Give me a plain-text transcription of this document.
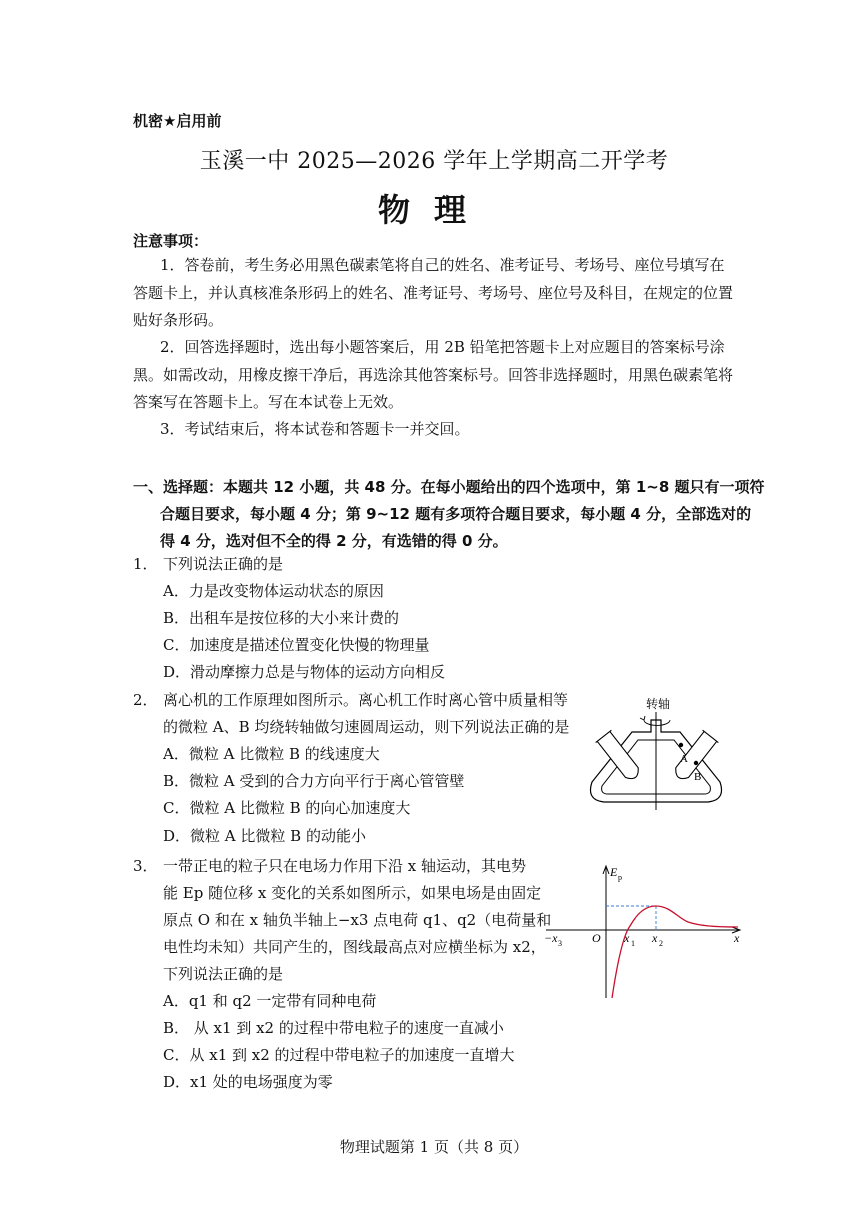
机密★启用前
玉溪一中 2025—2026 学年上学期高二开学考
物理
注意事项：
1．答卷前，考生务必用黑色碳素笔将自己的姓名、准考证号、考场号、座位号填写在
答题卡上，并认真核准条形码上的姓名、准考证号、考场号、座位号及科目，在规定的位置
贴好条形码。
2．回答选择题时，选出每小题答案后，用 2B 铅笔把答题卡上对应题目的答案标号涂
黑。如需改动，用橡皮擦干净后，再选涂其他答案标号。回答非选择题时，用黑色碳素笔将
答案写在答题卡上。写在本试卷上无效。
3．考试结束后，将本试卷和答题卡一并交回。
一、选择题：本题共 12 小题，共 48 分。在每小题给出的四个选项中，第 1~8 题只有一项符
合题目要求，每小题 4 分；第 9~12 题有多项符合题目要求，每小题 4 分，全部选对的
得 4 分，选对但不全的得 2 分，有选错的得 0 分。
1． 下列说法正确的是
A．力是改变物体运动状态的原因
B．出租车是按位移的大小来计费的
C．加速度是描述位置变化快慢的物理量
D．滑动摩擦力总是与物体的运动方向相反
2． 离心机的工作原理如图所示。离心机工作时离心管中质量相等
的微粒 A、B 均绕转轴做匀速圆周运动，则下列说法正确的是
A．微粒 A 比微粒 B 的线速度大
B．微粒 A 受到的合力方向平行于离心管管壁
C．微粒 A 比微粒 B 的向心加速度大
D．微粒 A 比微粒 B 的动能小
转轴
A
B
3． 一带正电的粒子只在电场力作用下沿 x 轴运动，其电势
能 Ep 随位移 x 变化的关系如图所示，如果电场是由固定
原点 O 和在 x 轴负半轴上−x3 点电荷 q1、q2（电荷量和
电性均未知）共同产生的，图线最高点对应横坐标为 x2，
下列说法正确的是
A．q1 和 q2 一定带有同种电荷
B． 从 x1 到 x2 的过程中带电粒子的速度一直减小
C．从 x1 到 x2 的过程中带电粒子的加速度一直增大
D．x1 处的电场强度为零
E p
x
O
−x 3	x 1 x 2
物理试题第 1 页（共 8 页）
